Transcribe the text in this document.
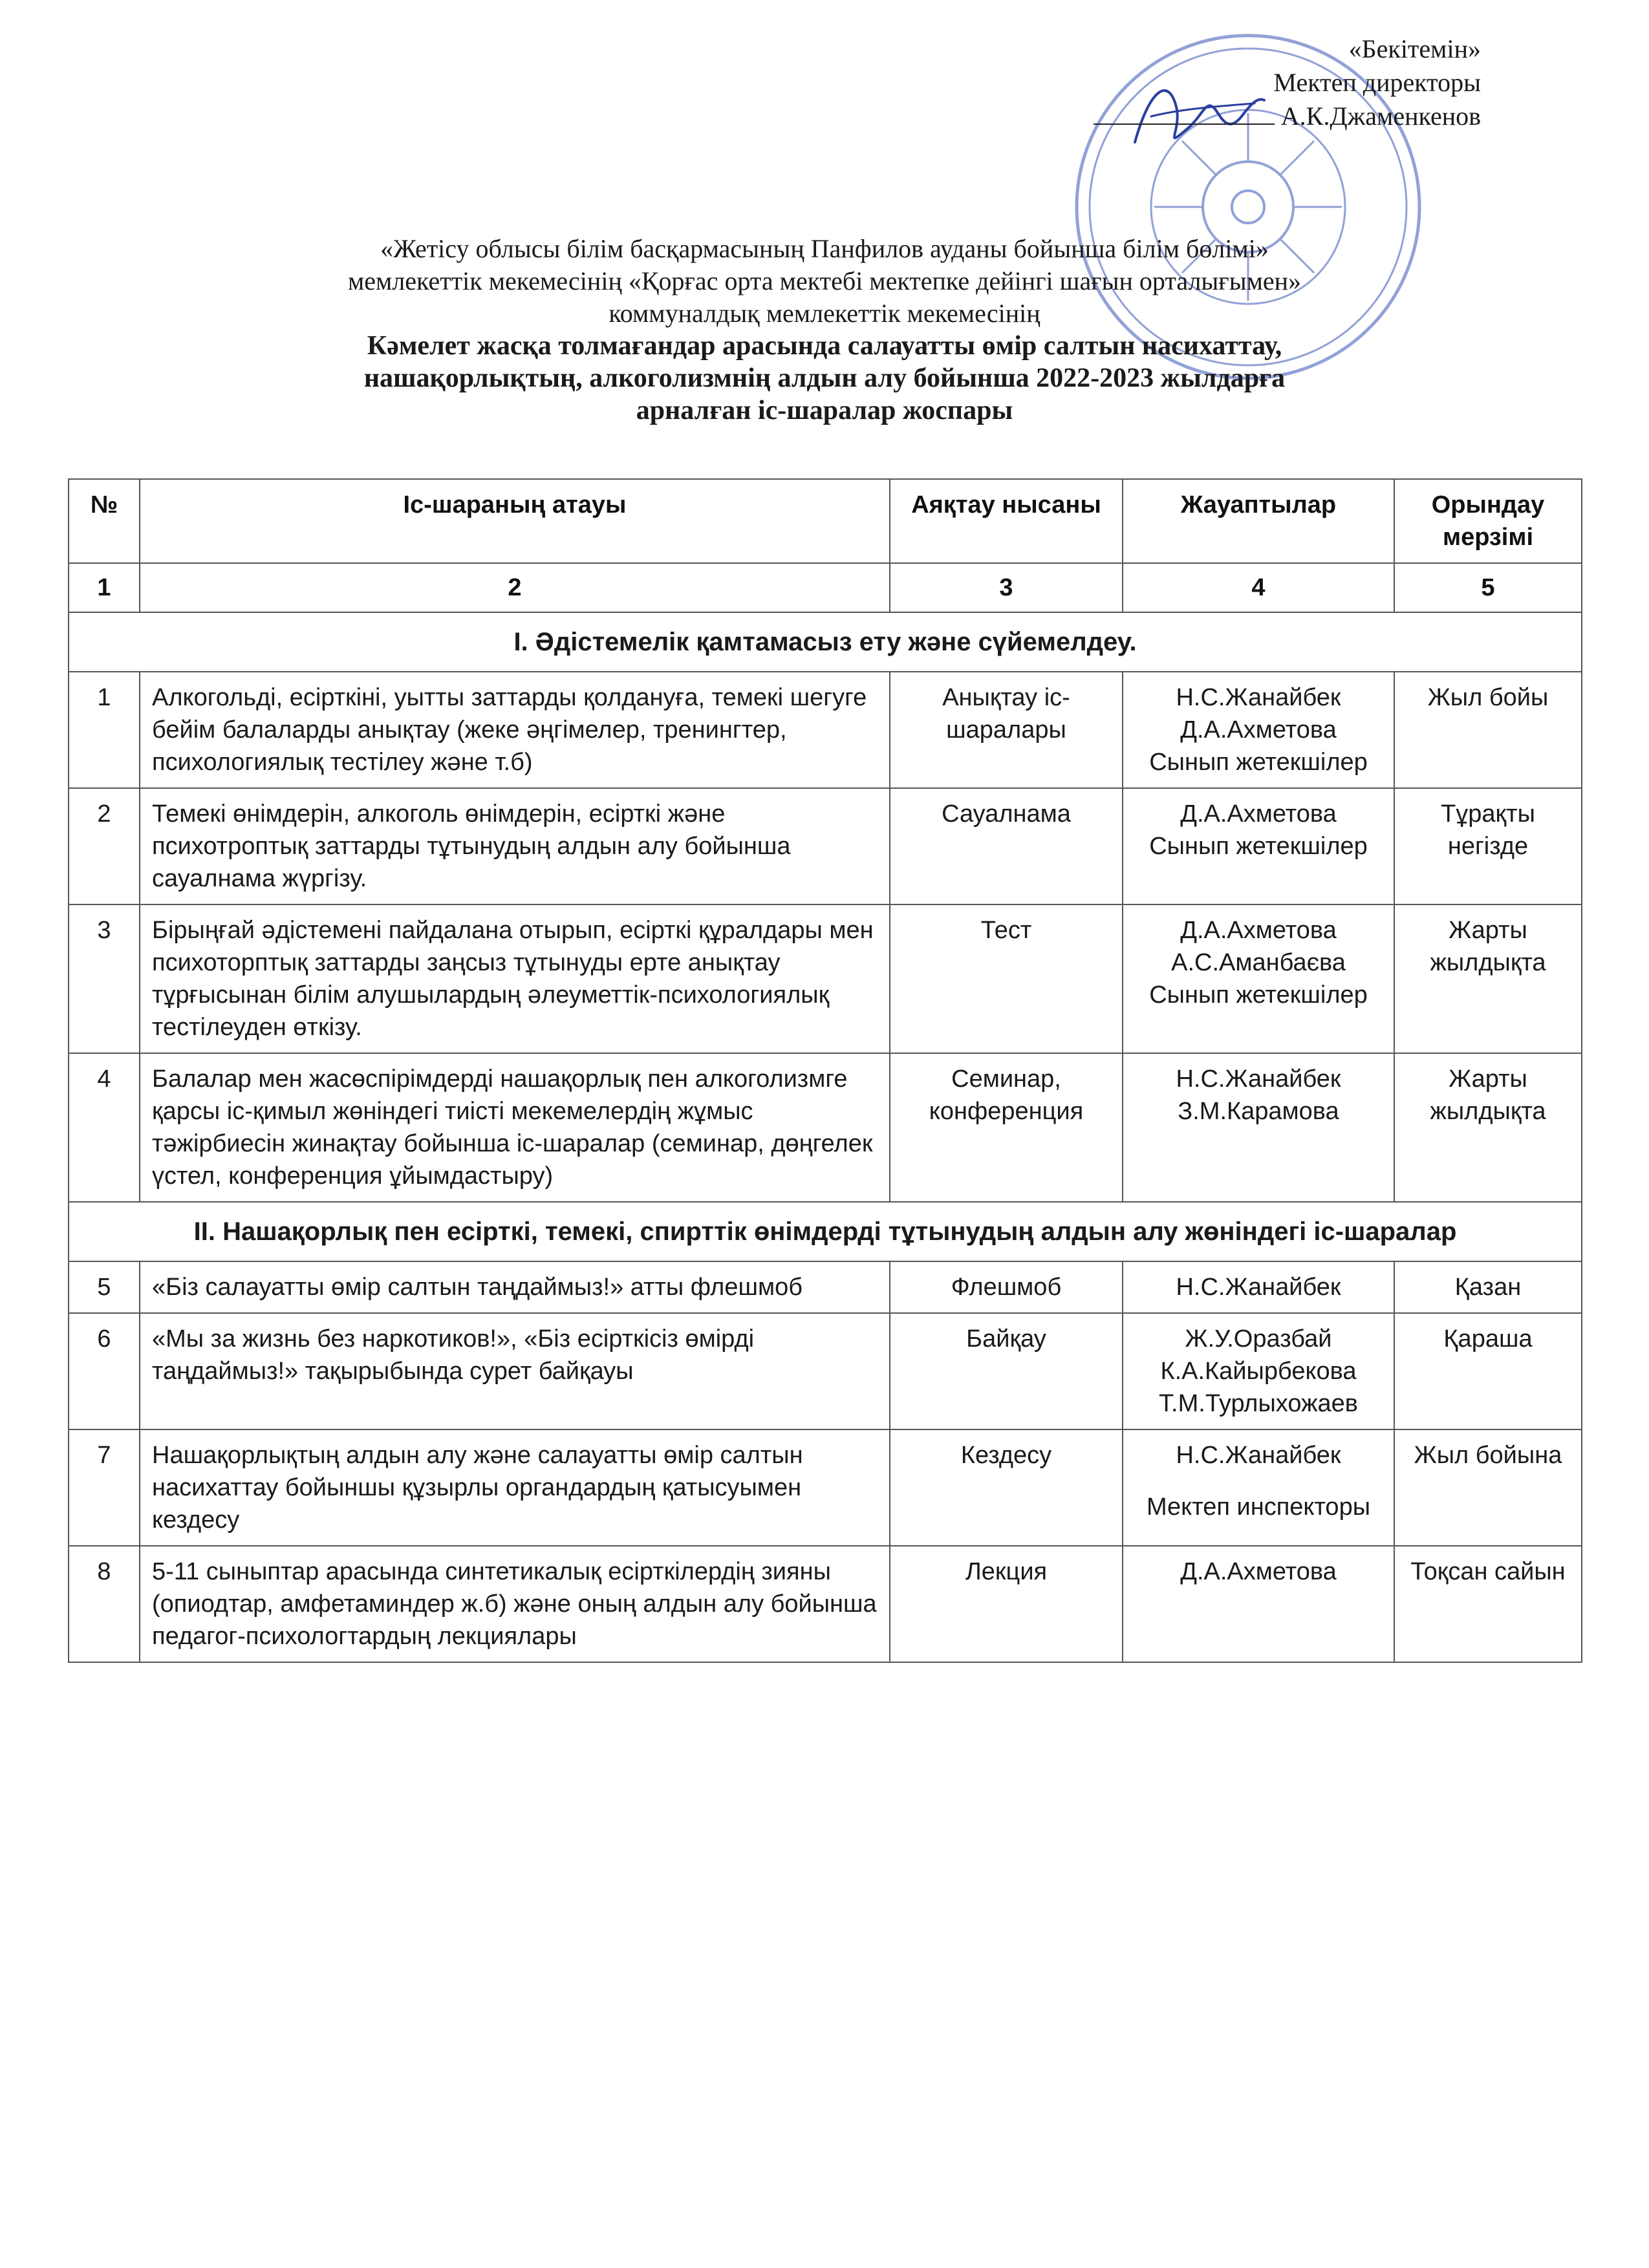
«Бекітемін»
Мектеп директоры
А.К.Джаменкенов
«Жетісу облысы білім басқармасының Панфилов ауданы бойынша білім бөлімі»
мемлекеттік мекемесінің «Қорғас орта мектебі мектепке дейінгі шағын орталығымен»
коммуналдық мемлекеттік мекемесінің
Кәмелет жасқа толмағандар арасында салауатты өмір салтын насихаттау,
нашақорлықтың, алкоголизмнің алдын алу бойынша 2022-2023 жылдарға
арналған іс-шаралар жоспары
№	Іс-шараның атауы	Аяқтау нысаны	Жауаптылар	Орындау мерзімі
1	2	3	4	5
I. Әдістемелік қамтамасыз ету және сүйемелдеу.				
1	Алкогольді, есірткіні, уытты заттарды қолдануға, темекі шегуге бейім балаларды анықтау (жеке әңгімелер, тренингтер, психологиялық тестілеу және т.б)	Анықтау іс-шаралары	Н.С.Жанайбек
Д.А.Ахметова
Сынып жетекшілер	Жыл бойы
2	Темекі өнімдерін, алкоголь өнімдерін, есірткі және психотроптық заттарды тұтынудың алдын алу бойынша сауалнама жүргізу.	Сауалнама	Д.А.Ахметова
Сынып жетекшілер	Тұрақты негізде
3	Бірыңғай әдістемені пайдалана отырып, есірткі құралдары мен психоторптық заттарды заңсыз тұтынуды ерте анықтау тұрғысынан білім алушылардың әлеуметтік-психологиялық тестілеуден өткізу.	Тест	Д.А.Ахметова
А.С.Аманбаєва
Сынып жетекшілер	Жарты жылдықта
4	Балалар мен жасөспірімдерді нашақорлық пен алкоголизмге қарсы іс-қимыл жөніндегі тиісті мекемелердің жұмыс тәжірбиесін жинақтау бойынша іс-шаралар (семинар, дөңгелек үстел, конференция ұйымдастыру)	Семинар, конференция	Н.С.Жанайбек
З.М.Карамова	Жарты жылдықта
II. Нашақорлық пен есірткі, темекі, спирттік өнімдерді тұтынудың алдын алу жөніндегі іс-шаралар				
5	«Біз салауатты өмір салтын таңдаймыз!» атты флешмоб	Флешмоб	Н.С.Жанайбек	Қазан
6	«Мы за жизнь без наркотиков!», «Біз есірткісіз өмірді таңдаймыз!» тақырыбында сурет байқауы	Байқау	Ж.У.Оразбай
К.А.Кайырбекова
Т.М.Турлыхожаев	Қараша
7	Нашақорлықтың алдын алу және салауатты өмір салтын насихаттау бойыншы құзырлы органдардың қатысуымен кездесу	Кездесу	Н.С.Жанайбек
Мектеп инспекторы	Жыл бойына
8	5-11 сыныптар арасында синтетикалық есірткілердің зияны (опиодтар, амфетаминдер ж.б) және оның алдын алу бойынша педагог-психологтардың лекциялары	Лекция	Д.А.Ахметова	Тоқсан сайын
